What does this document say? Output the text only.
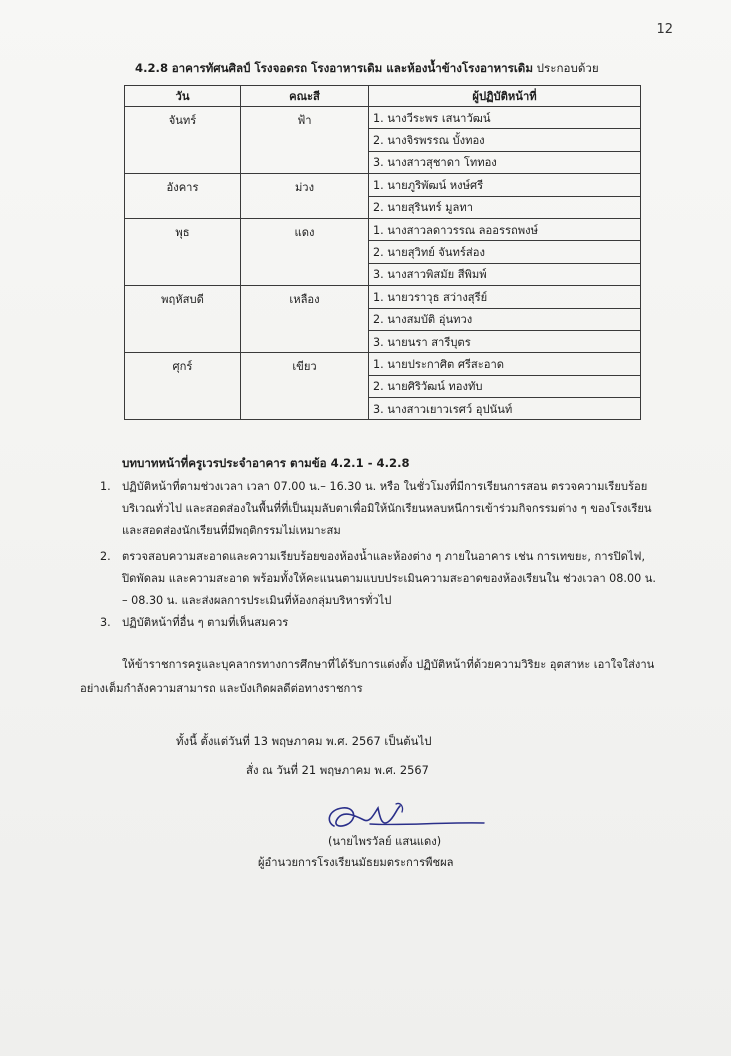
12
4.2.8 อาคารทัศนศิลป์ โรงจอดรถ โรงอาหารเดิม และห้องน้ำข้างโรงอาหารเดิม ประกอบด้วย
วัน	คณะสี	ผู้ปฏิบัติหน้าที่
จันทร์	ฟ้า	1. นางวีระพร เสนาวัฒน์
		2. นางจิรพรรณ บั้งทอง
		3. นางสาวสุชาดา โททอง
อังคาร	ม่วง	1. นายภูริพัฒน์ หงษ์ศรี
		2. นายสุรินทร์ มูลทา
พุธ	แดง	1. นางสาวลดาวรรณ ลออรรถพงษ์
		2. นายสุวิทย์ จันทร์ส่อง
		3. นางสาวพิสมัย สีพิมพ์
พฤหัสบดี	เหลือง	1. นายวราวุธ สว่างสุรีย์
		2. นางสมบัติ อุ่นทวง
		3. นายนรา สารีบุตร
ศุกร์	เขียว	1. นายประกาศิต ศรีสะอาด
		2. นายศิริวัฒน์ ทองทับ
		3. นางสาวเยาวเรศว์ อุปนันท์
บทบาทหน้าที่ครูเวรประจำอาคาร ตามข้อ 4.2.1 - 4.2.8
1. ปฏิบัติหน้าที่ตามช่วงเวลา เวลา 07.00 น.– 16.30 น. หรือ ในชั่วโมงที่มีการเรียนการสอน ตรวจความเรียบร้อยบริเวณทั่วไป และสอดส่องในพื้นที่ที่เป็นมุมลับตาเพื่อมิให้นักเรียนหลบหนีการเข้าร่วมกิจกรรมต่าง ๆ ของโรงเรียน และสอดส่องนักเรียนที่มีพฤติกรรมไม่เหมาะสม
2. ตรวจสอบความสะอาดและความเรียบร้อยของห้องน้ำและห้องต่าง ๆ ภายในอาคาร เช่น การเทขยะ, การปิดไฟ, ปิดพัดลม และความสะอาด พร้อมทั้งให้คะแนนตามแบบประเมินความสะอาดของห้องเรียนใน ช่วงเวลา 08.00 น. – 08.30 น. และส่งผลการประเมินที่ห้องกลุ่มบริหารทั่วไป
3. ปฏิบัติหน้าที่อื่น ๆ ตามที่เห็นสมควร
ให้ข้าราชการครูและบุคลากรทางการศึกษาที่ได้รับการแต่งตั้ง ปฏิบัติหน้าที่ด้วยความวิริยะ อุตสาหะ เอาใจใส่งานอย่างเต็มกำลังความสามารถ และบังเกิดผลดีต่อทางราชการ
ทั้งนี้ ตั้งแต่วันที่ 13 พฤษภาคม พ.ศ. 2567 เป็นต้นไป
สั่ง ณ วันที่ 21 พฤษภาคม พ.ศ. 2567
(นายไพรวัลย์ แสนแดง)
ผู้อำนวยการโรงเรียนมัธยมตระการพืชผล
